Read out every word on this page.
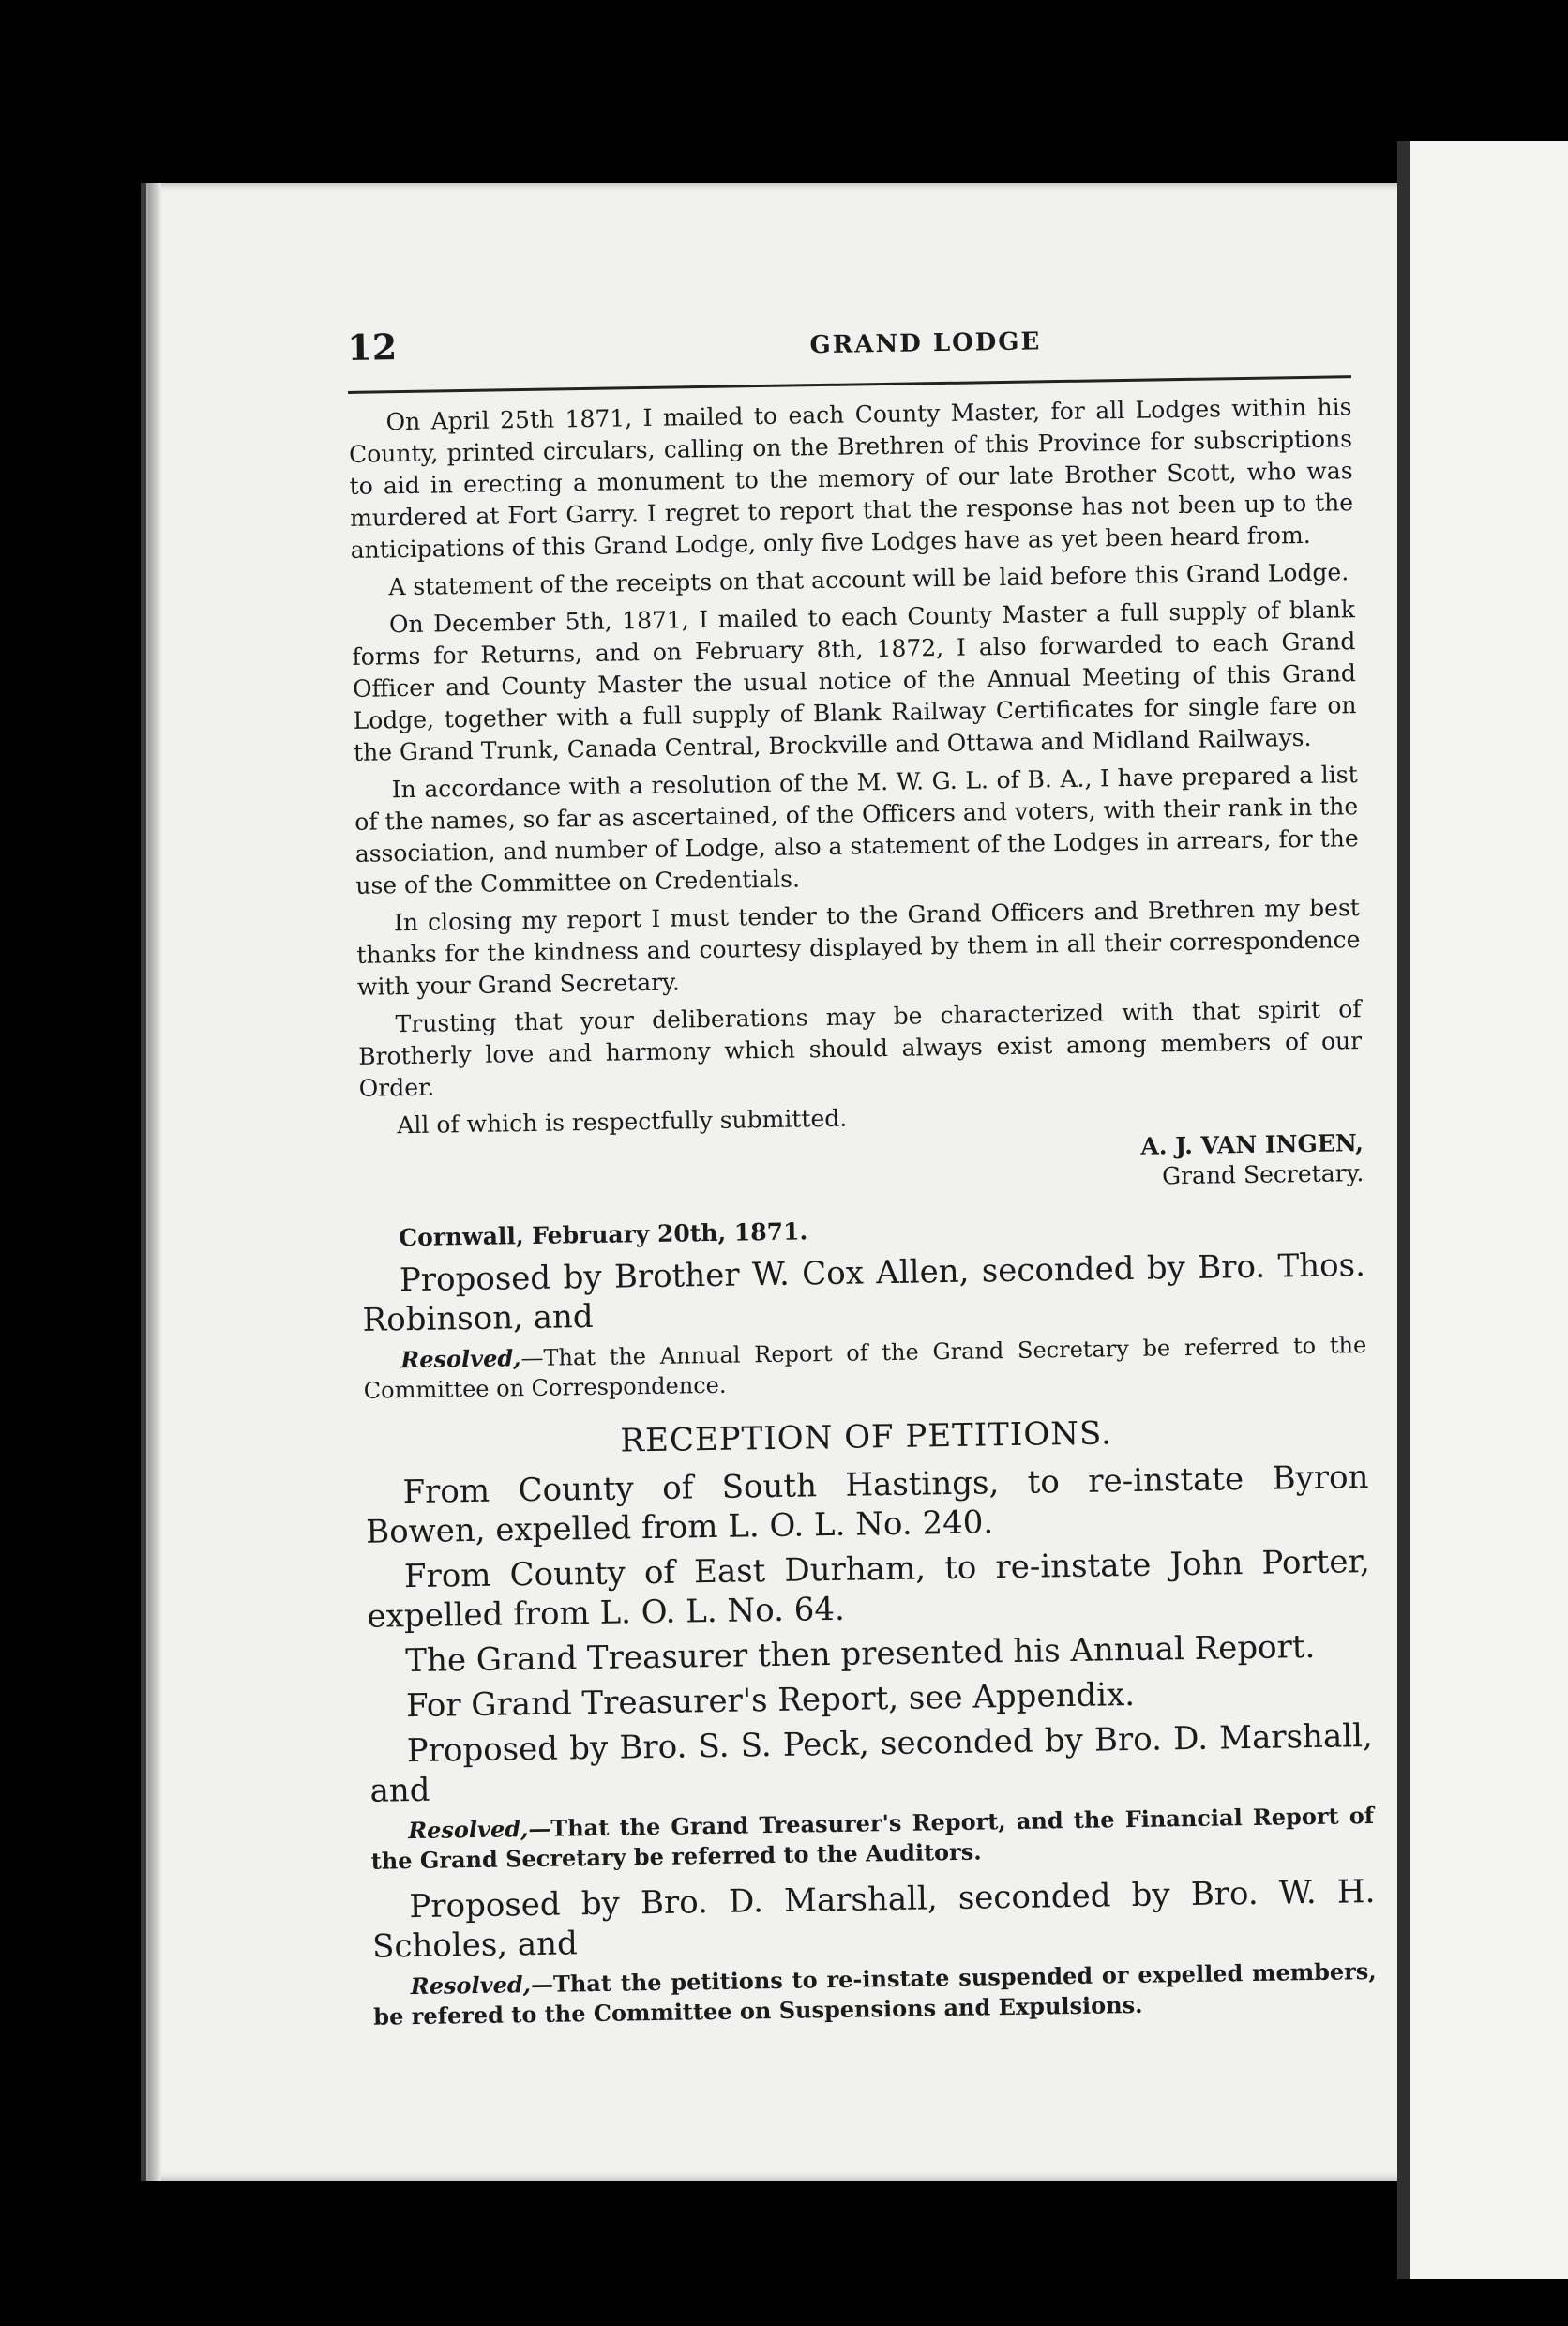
12	GRAND LODGE

On April 25th 1871, I mailed to each County Master, for all Lodges within his County, printed circulars, calling on the Brethren of this Province for subscriptions to aid in erecting a monument to the memory of our late Brother Scott, who was murdered at Fort Garry. I regret to report that the response has not been up to the anticipations of this Grand Lodge, only five Lodges have as yet been heard from.

A statement of the receipts on that account will be laid before this Grand Lodge.

On December 5th, 1871, I mailed to each County Master a full supply of blank forms for Returns, and on February 8th, 1872, I also forwarded to each Grand Officer and County Master the usual notice of the Annual Meeting of this Grand Lodge, together with a full supply of Blank Railway Certificates for single fare on the Grand Trunk, Canada Central, Brockville and Ottawa and Midland Railways.

In accordance with a resolution of the M. W. G. L. of B. A., I have prepared a list of the names, so far as ascertained, of the Officers and voters, with their rank in the association, and number of Lodge, also a statement of the Lodges in arrears, for the use of the Committee on Credentials.

In closing my report I must tender to the Grand Officers and Brethren my best thanks for the kindness and courtesy displayed by them in all their correspondence with your Grand Secretary.

Trusting that your deliberations may be characterized with that spirit of Brotherly love and harmony which should always exist among members of our Order.

All of which is respectfully submitted.

A. J. VAN INGEN,
Grand Secretary.
Cornwall, February 20th, 1871.

Proposed by Brother W. Cox Allen, seconded by Bro. Thos. Robinson, and

Resolved,—That the Annual Report of the Grand Secretary be referred to the Committee on Correspondence.
RECEPTION OF PETITIONS.

From County of South Hastings, to re-instate Byron Bowen, expelled from L. O. L. No. 240.

From County of East Durham, to re-instate John Porter, expelled from L. O. L. No. 64.

The Grand Treasurer then presented his Annual Report.

For Grand Treasurer's Report, see Appendix.

Proposed by Bro. S. S. Peck, seconded by Bro. D. Marshall, and

Resolved,—That the Grand Treasurer's Report, and the Financial Report of the Grand Secretary be referred to the Auditors.

Proposed by Bro. D. Marshall, seconded by Bro. W. H. Scholes, and

Resolved,—That the petitions to re-instate suspended or expelled members, be refered to the Committee on Suspensions and Expulsions.
